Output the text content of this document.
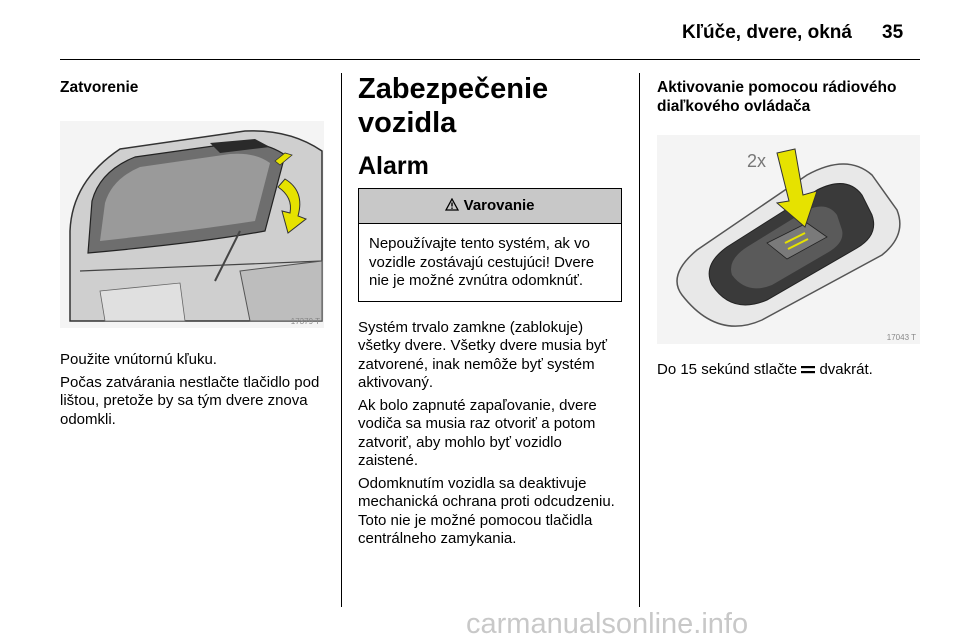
Kľúče, dvere, okná 35
Zatvorenie
17379 T

Použite vnútornú kľuku.

Počas zatvárania nestlačte tlačidlo pod lištou, pretože by sa tým dvere znova odomkli.

Zabezpečenie vozidla
Alarm
Varovanie
Nepoužívajte tento systém, ak vo vozidle zostávajú cestujúci! Dvere nie je možné zvnútra odomknúť.

Systém trvalo zamkne (zablokuje) všetky dvere. Všetky dvere musia byť zatvorené, inak nemôže byť systém aktivovaný.

Ak bolo zapnuté zapaľovanie, dvere vodiča sa musia raz otvoriť a potom zatvoriť, aby mohlo byť vozidlo zaistené.

Odomknutím vozidla sa deaktivuje mechanická ochrana proti odcudzeniu. Toto nie je možné pomocou tlačidla centrálneho zamykania.

Aktivovanie pomocou rádiového diaľkového ovládača
2x
17043 T

Do 15 sekúnd stlačte dvakrát.

carmanualsonline.info
